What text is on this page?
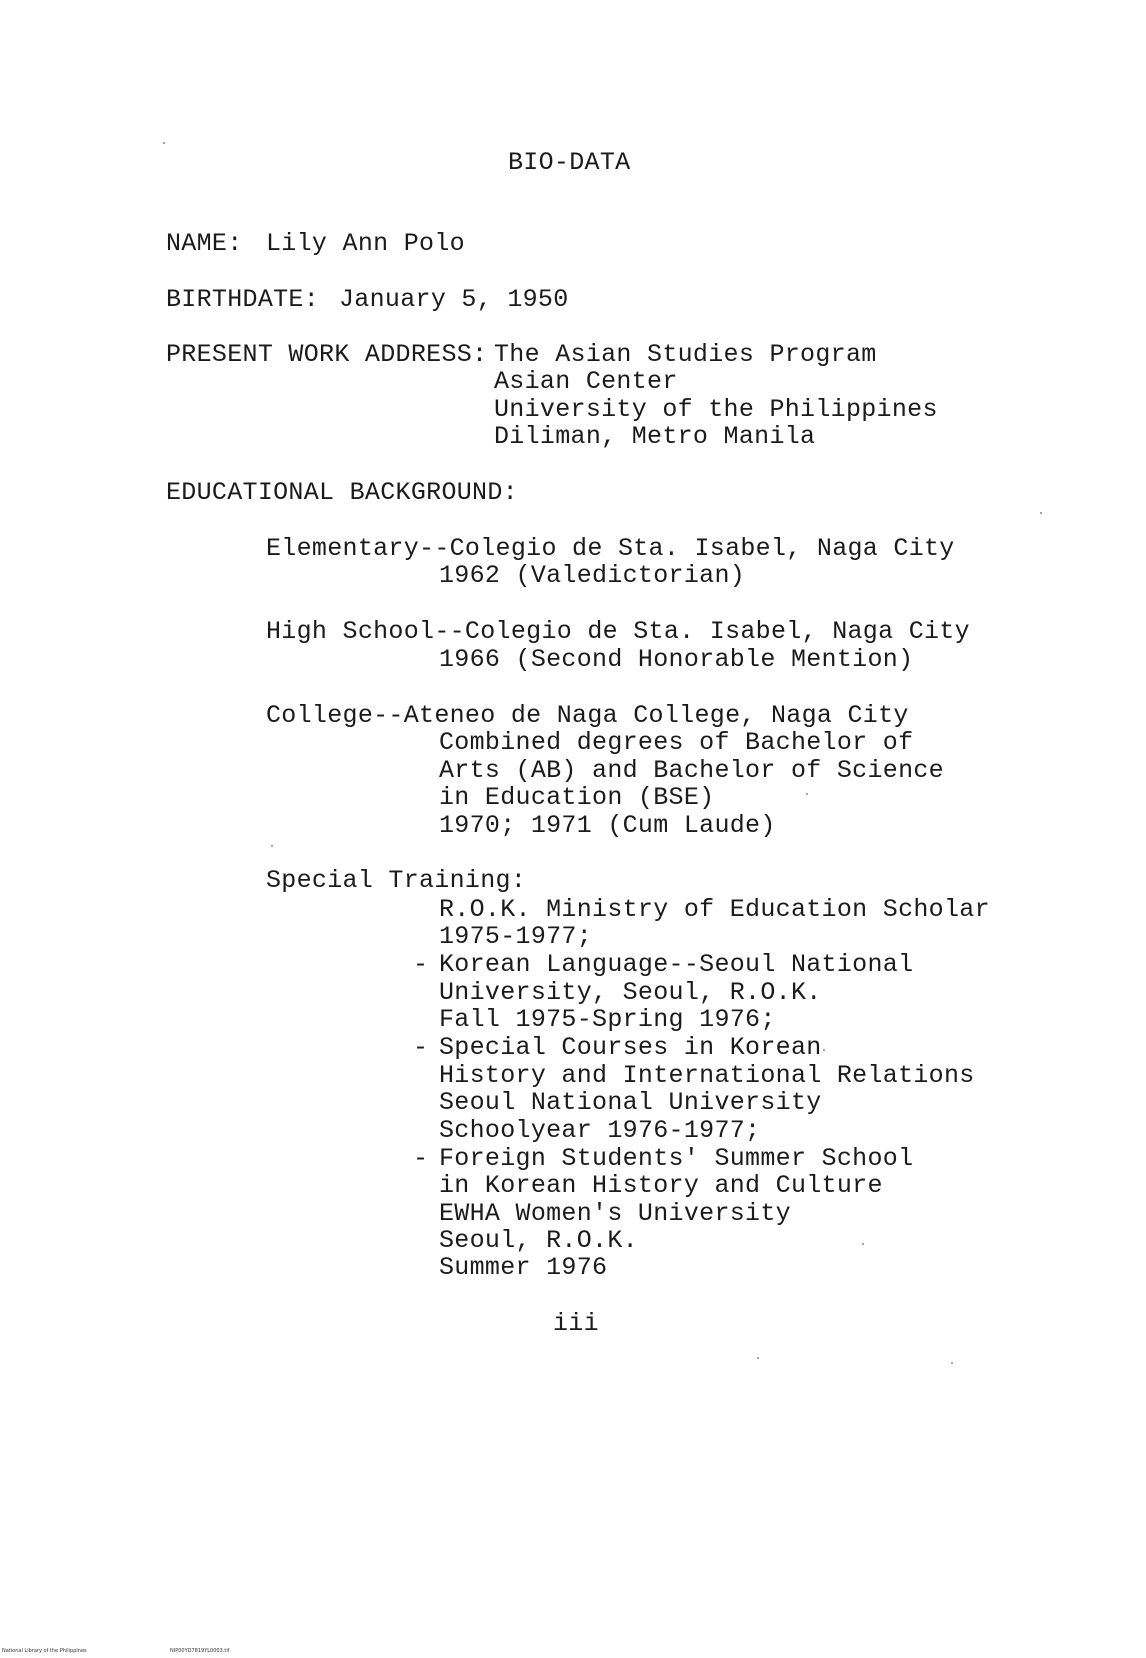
BIO-DATA
NAME: Lily Ann Polo
BIRTHDATE: January 5, 1950
PRESENT WORK ADDRESS: The Asian Studies Program
Asian Center
University of the Philippines
Diliman, Metro Manila
EDUCATIONAL BACKGROUND:
Elementary--Colegio de Sta. Isabel, Naga City
1962 (Valedictorian)
High School--Colegio de Sta. Isabel, Naga City
1966 (Second Honorable Mention)
College--Ateneo de Naga College, Naga City
Combined degrees of Bachelor of
Arts (AB) and Bachelor of Science
in Education (BSE)
1970; 1971 (Cum Laude)
Special Training:
R.O.K. Ministry of Education Scholar
1975-1977;
- Korean Language--Seoul National
University, Seoul, R.O.K.
Fall 1975-Spring 1976;
- Special Courses in Korean
History and International Relations
Seoul National University
Schoolyear 1976-1977;
- Foreign Students' Summer School
in Korean History and Culture
EWHA Women's University
Seoul, R.O.K.
Summer 1976
iii
National Library of the Philippines	NIP00YD7819YL0003.tif
